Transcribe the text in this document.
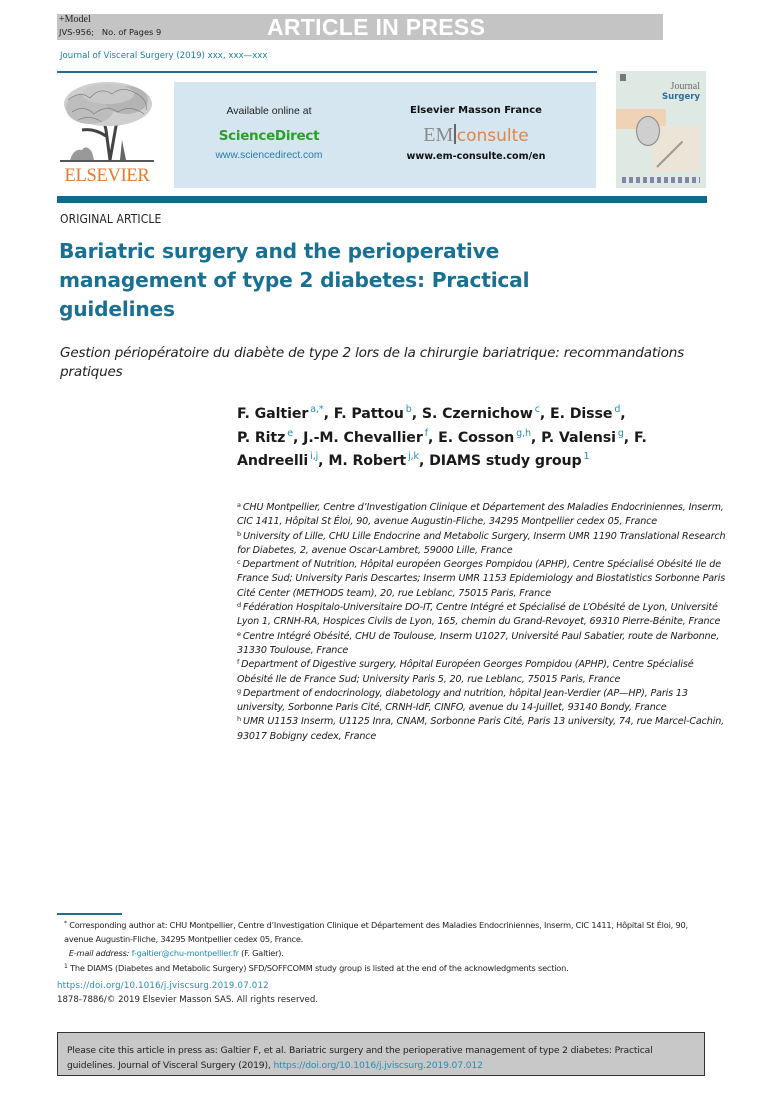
+Model
JVS-956;   No. of Pages 9	ARTICLE IN PRESS
Journal of Visceral Surgery (2019) xxx, xxx—xxx
ELSEVIER
Available online at
ScienceDirect
www.sciencedirect.com
Elsevier Masson France
EM consulte
www.em-consulte.com/en
Journal
Surgery
ORIGINAL ARTICLE
Bariatric surgery and the perioperative management of type 2 diabetes: Practical guidelines
Gestion périopératoire du diabète de type 2 lors de la chirurgie bariatrique: recommandations pratiques
F. Galtier $^{a,*}$, F. Pattou $^b$, S. Czernichow $^c$, E. Disse $^d$,
P. Ritz $^e$, J.-M. Chevallier $^f$, E. Cosson $^{g,h}$, P. Valensi $^g$, F. Andreelli $^{i,j}$, M. Robert $^{j,k}$, DIAMS study group $^1$
$^a$ CHU Montpellier, Centre d’Investigation Clinique et Département des Maladies Endocriniennes, Inserm, CIC 1411, Hôpital St Éloi, 90, avenue Augustin-Fliche, 34295 Montpellier cedex 05, France
$^b$ University of Lille, CHU Lille Endocrine and Metabolic Surgery, Inserm UMR 1190 Translational Research for Diabetes, 2, avenue Oscar-Lambret, 59000 Lille, France
$^c$ Department of Nutrition, Hôpital européen Georges Pompidou (APHP), Centre Spécialisé Obésité Ile de France Sud; University Paris Descartes; Inserm UMR 1153 Epidemiology and Biostatistics Sorbonne Paris Cité Center (METHODS team), 20, rue Leblanc, 75015 Paris, France
$^d$ Fédération Hospitalo-Universitaire DO-IT, Centre Intégré et Spécialisé de L’Obésité de Lyon, Université Lyon 1, CRNH-RA, Hospices Civils de Lyon, 165, chemin du Grand-Revoyet, 69310 Pierre-Bénite, France
$^e$ Centre Intégré Obésité, CHU de Toulouse, Inserm U1027, Université Paul Sabatier, route de Narbonne, 31330 Toulouse, France
$^f$ Department of Digestive surgery, Hôpital Européen Georges Pompidou (APHP), Centre Spécialisé Obésité Ile de France Sud; University Paris 5, 20, rue Leblanc, 75015 Paris, France
$^g$ Department of endocrinology, diabetology and nutrition, hôpital Jean-Verdier (AP—HP), Paris 13 university, Sorbonne Paris Cité, CRNH-IdF, CINFO, avenue du 14-Juillet, 93140 Bondy, France
$^h$ UMR U1153 Inserm, U1125 Inra, CNAM, Sorbonne Paris Cité, Paris 13 university, 74, rue Marcel-Cachin, 93017 Bobigny cedex, France
* Corresponding author at: CHU Montpellier, Centre d’Investigation Clinique et Département des Maladies Endocriniennes, Inserm, CIC 1411, Hôpital St Éloi, 90, avenue Augustin-Fliche, 34295 Montpellier cedex 05, France.
E-mail address: f-galtier@chu-montpellier.fr (F. Galtier).
$^1$ The DIAMS (Diabetes and Metabolic Surgery) SFD/SOFFCOMM study group is listed at the end of the acknowledgments section.
https://doi.org/10.1016/j.jviscsurg.2019.07.012
1878-7886/© 2019 Elsevier Masson SAS. All rights reserved.
Please cite this article in press as: Galtier F, et al. Bariatric surgery and the perioperative management of type 2 diabetes: Practical guidelines. Journal of Visceral Surgery (2019), https://doi.org/10.1016/j.jviscsurg.2019.07.012
